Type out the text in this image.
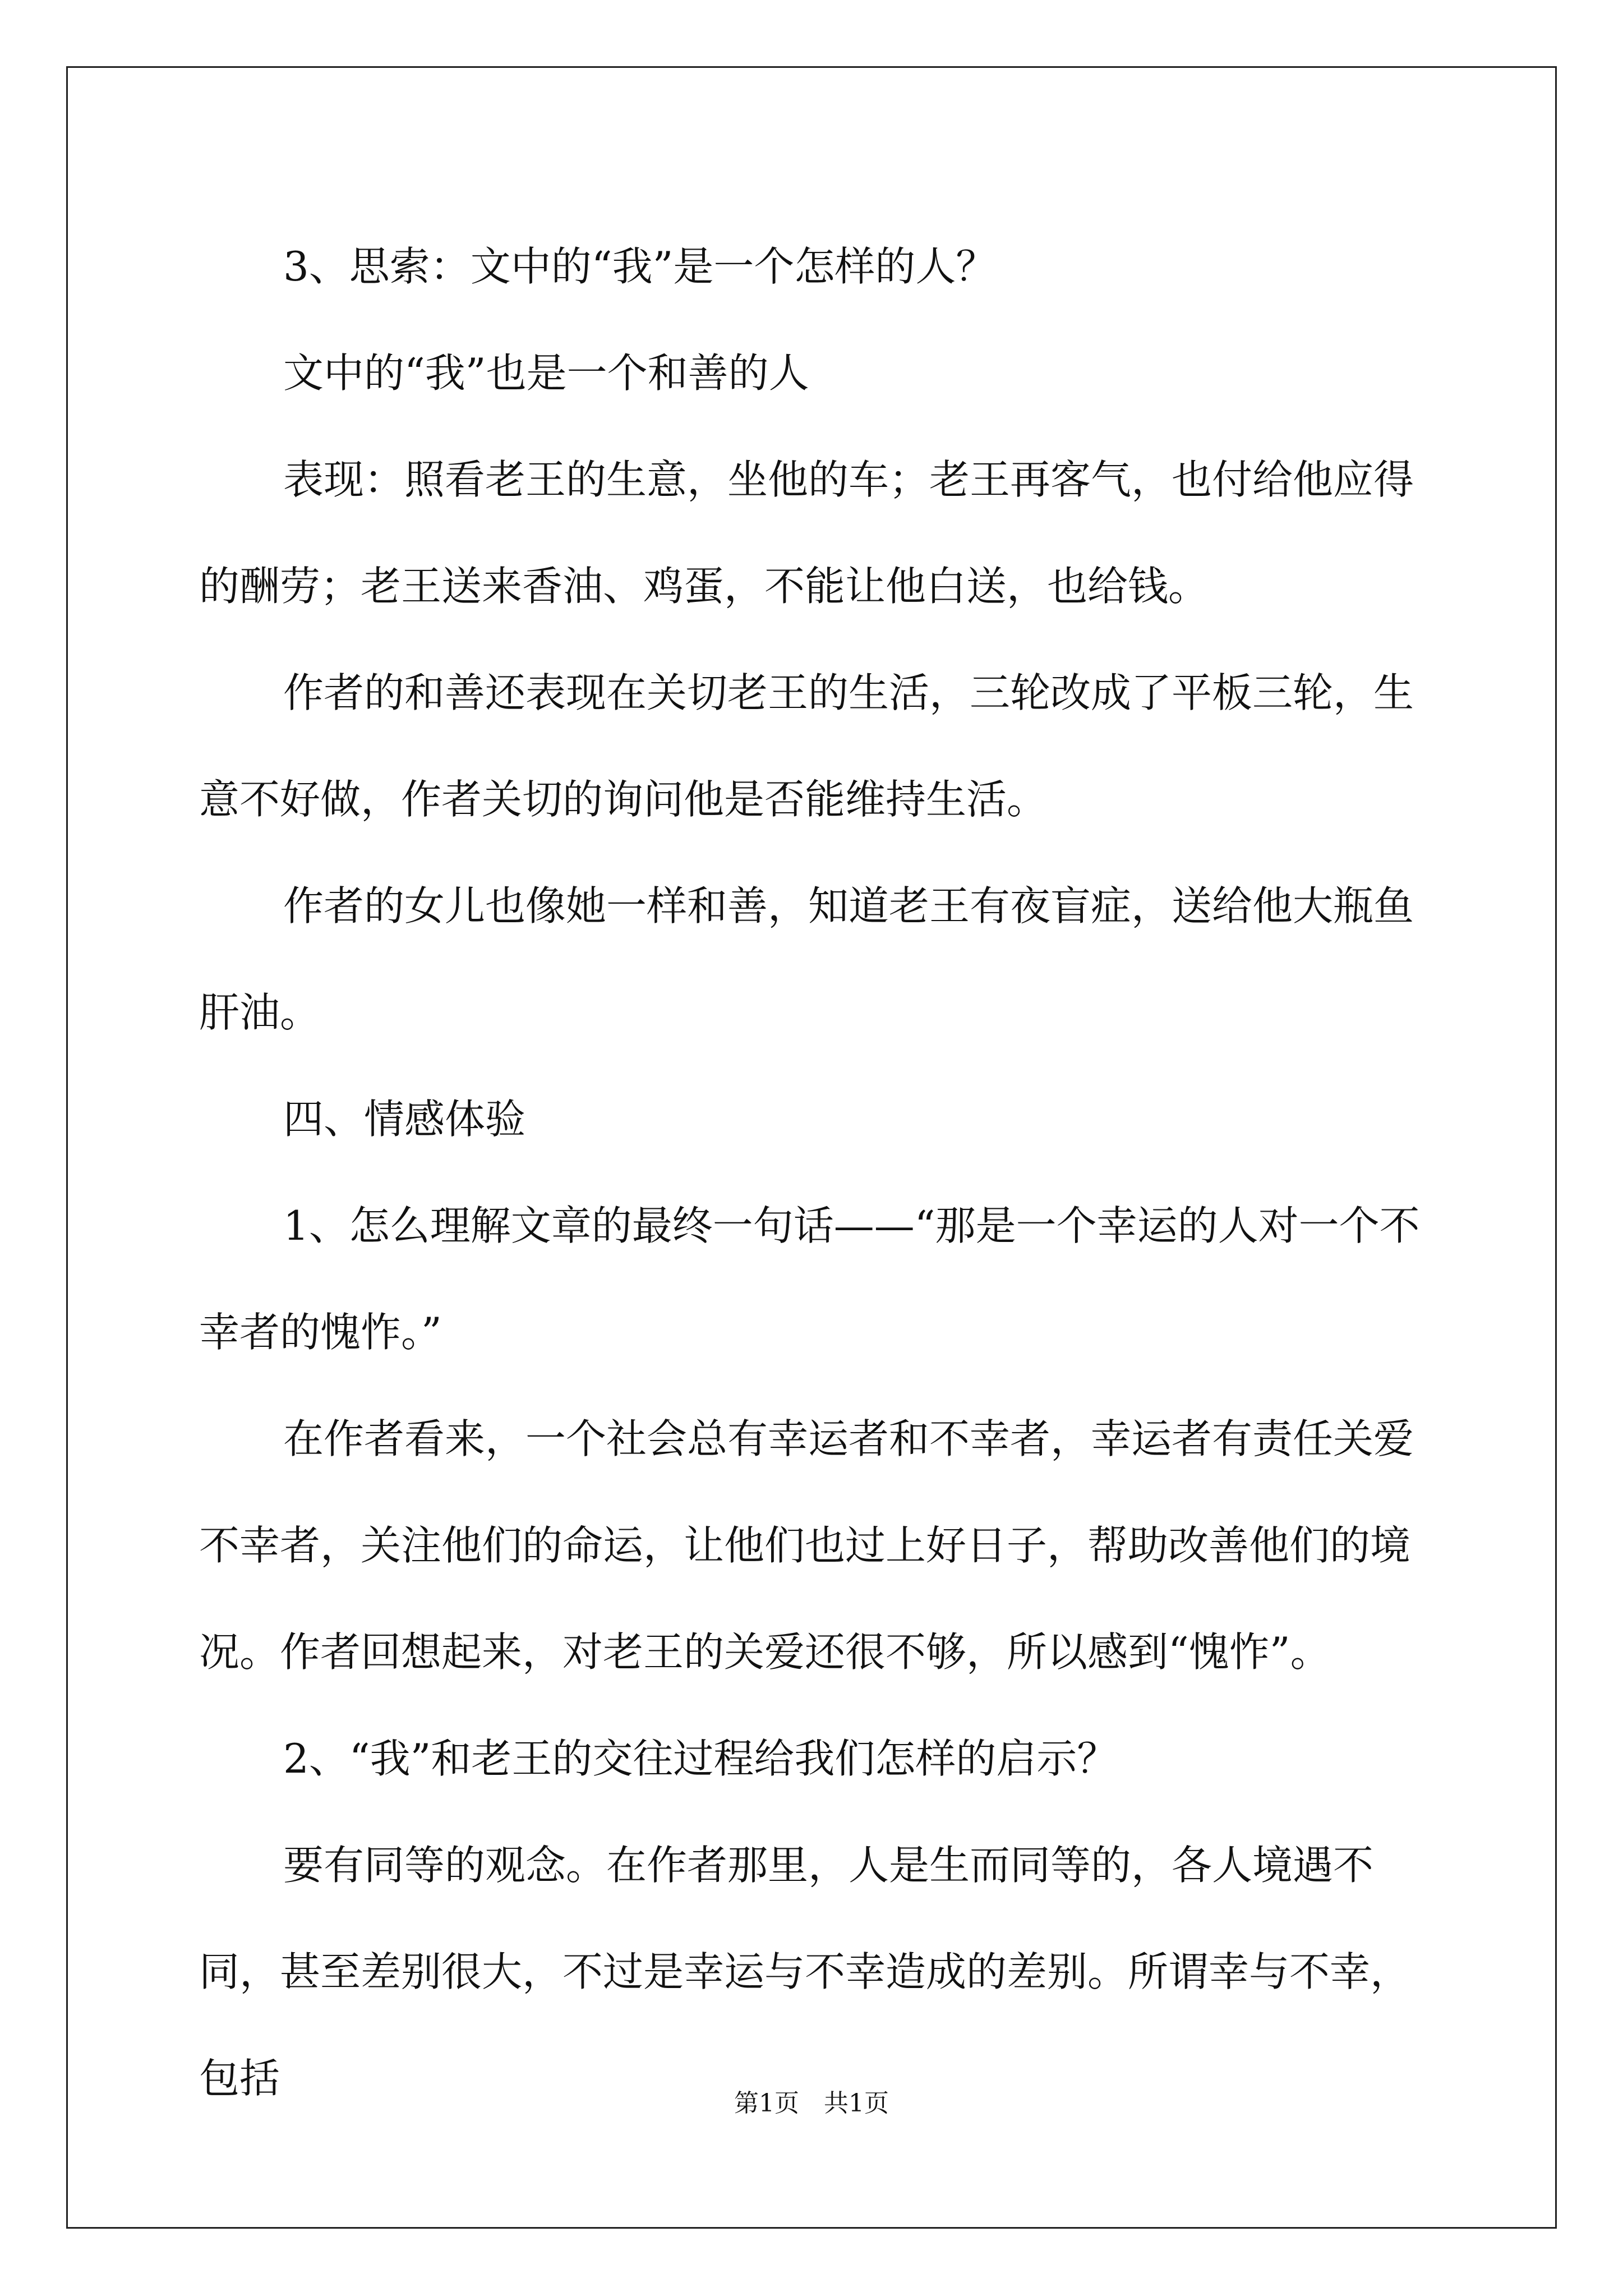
3、思索：文中的“我”是一个怎样的人？

文中的“我”也是一个和善的人

表现：照看老王的生意，坐他的车；老王再客气，也付给他应得的酬劳；老王送来香油、鸡蛋，不能让他白送，也给钱。

作者的和善还表现在关切老王的生活，三轮改成了平板三轮，生意不好做，作者关切的询问他是否能维持生活。

作者的女儿也像她一样和善，知道老王有夜盲症，送给他大瓶鱼肝油。

四、情感体验

1、怎么理解文章的最终一句话——“那是一个幸运的人对一个不幸者的愧怍。”

在作者看来，一个社会总有幸运者和不幸者，幸运者有责任关爱不幸者，关注他们的命运，让他们也过上好日子，帮助改善他们的境况。作者回想起来，对老王的关爱还很不够，所以感到“愧怍”。

2、“我”和老王的交往过程给我们怎样的启示？

要有同等的观念。在作者那里，人是生而同等的，各人境遇不同，甚至差别很大，不过是幸运与不幸造成的差别。所谓幸与不幸，包括

第1页　共1页
